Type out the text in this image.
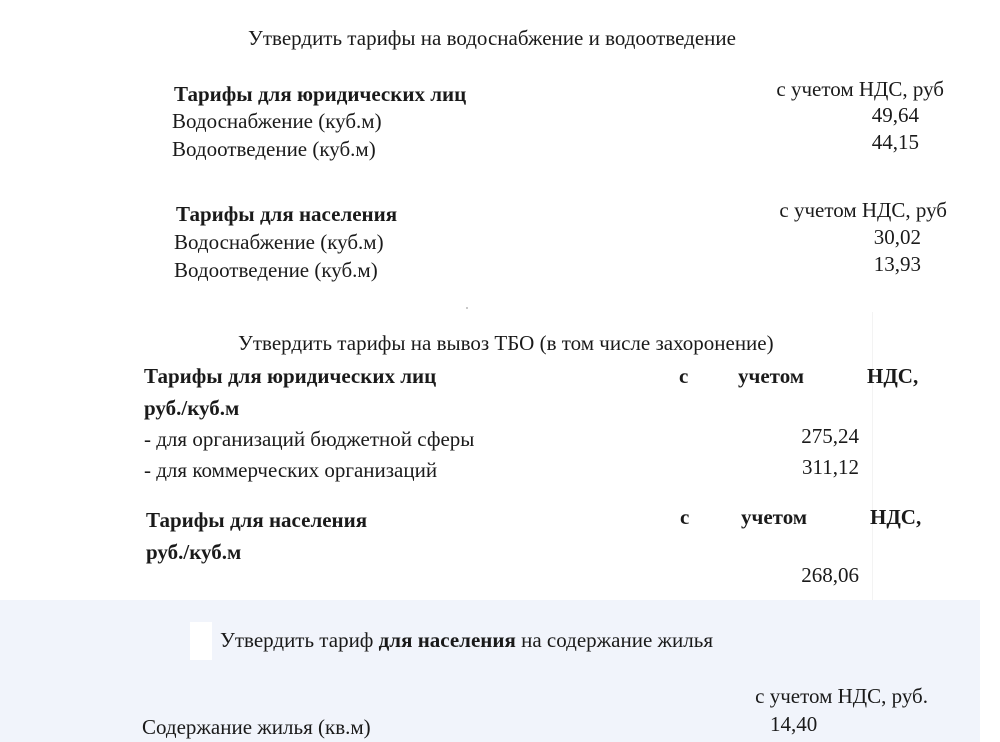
Утвердить тарифы на водоснабжение и водоотведение
Тарифы для юридических лиц	с учетом НДС, руб
Водоснабжение (куб.м)	49,64
Водоотведение (куб.м)	44,15
Тарифы для населения	с учетом НДС, руб
Водоснабжение (куб.м)	30,02
Водоотведение (куб.м)	13,93
Утвердить тарифы на вывоз ТБО (в том числе захоронение)
Тарифы для юридических лиц	с учетом	НДС,
руб./куб.м
- для организаций бюджетной сферы	275,24
- для коммерческих организаций	311,12
Тарифы для населения	с учетом	НДС,
руб./куб.м
268,06
Утвердить тариф для населения на содержание жилья
с учетом НДС, руб.
Содержание жилья (кв.м)	14,40
